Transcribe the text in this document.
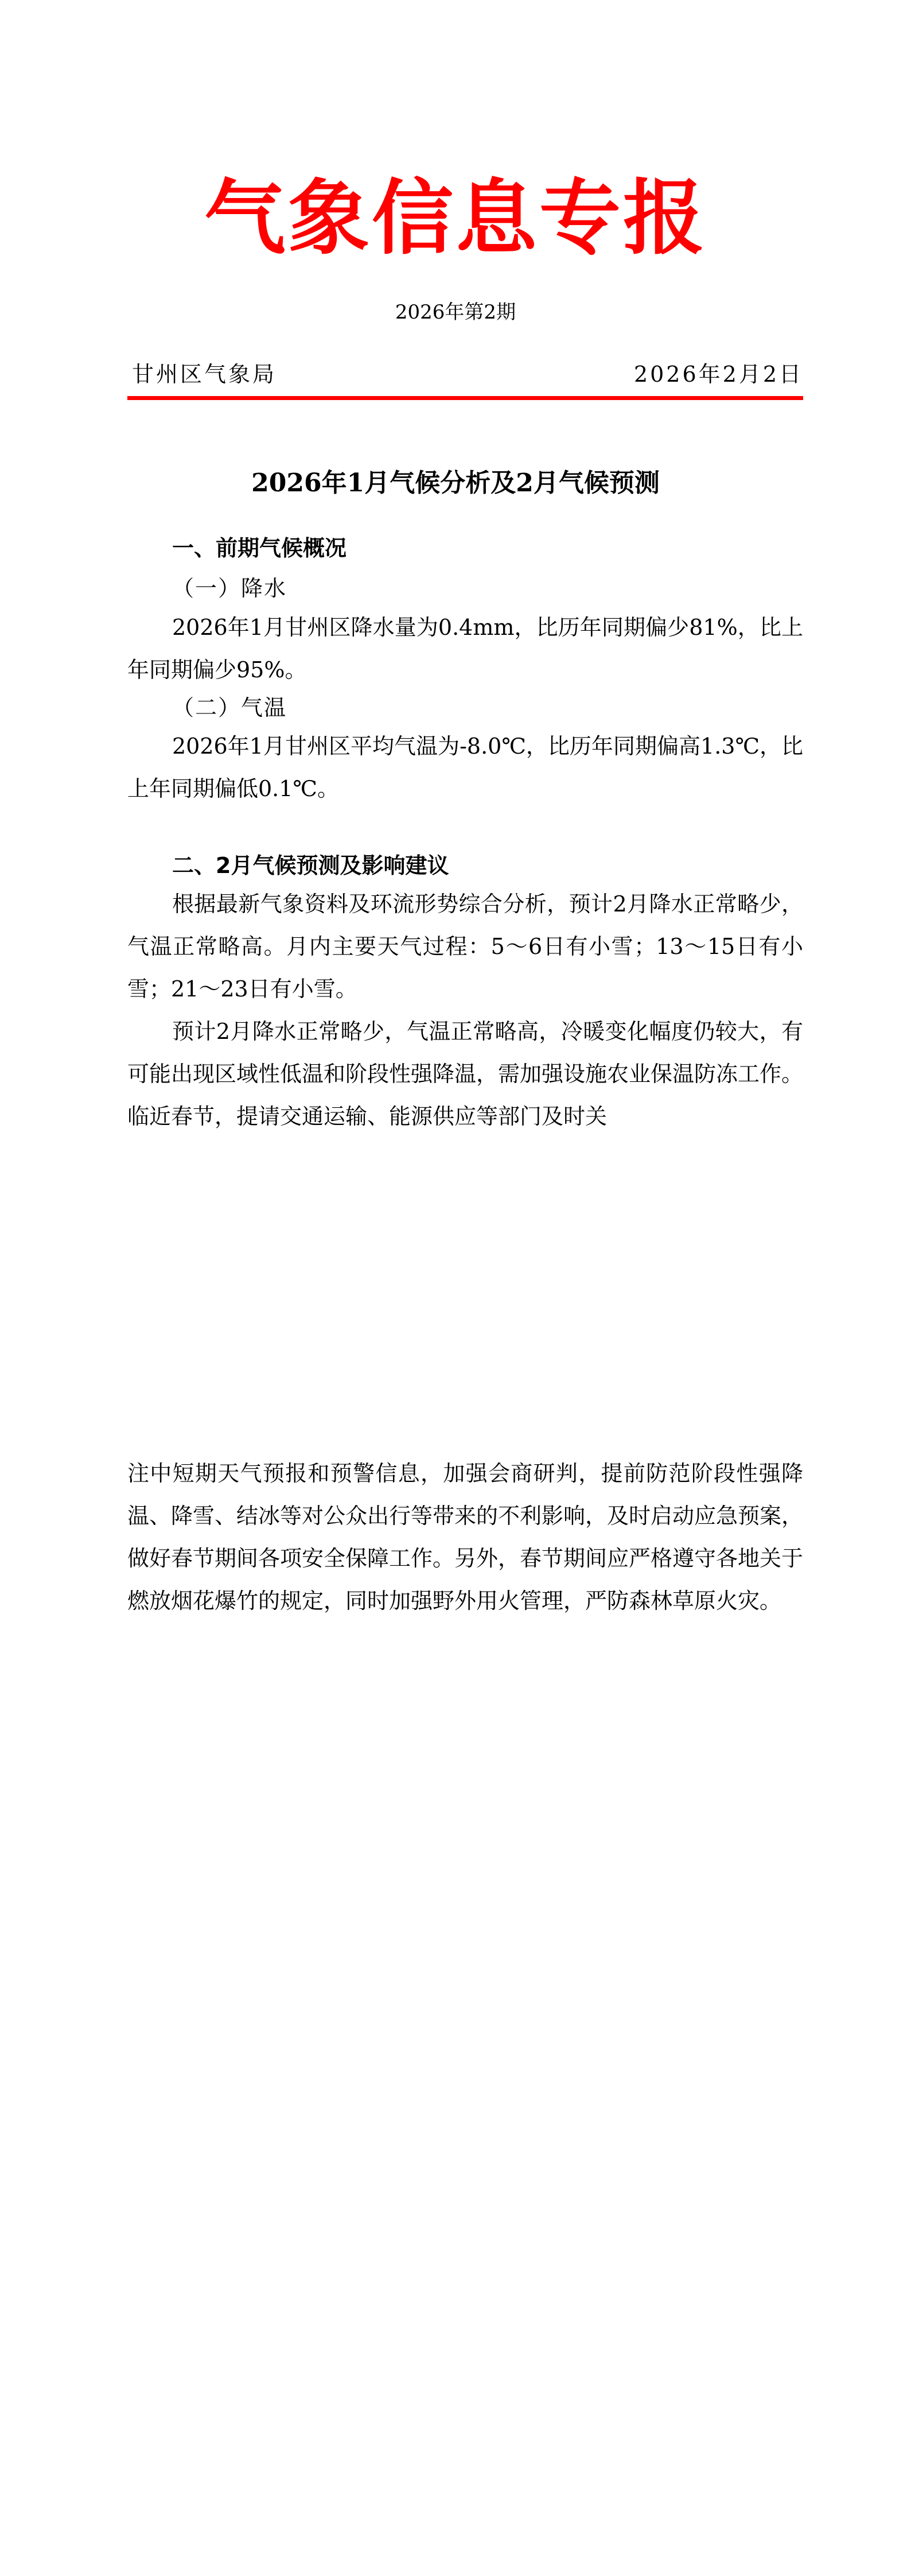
气象信息专报
2026年第2期
甘州区气象局	2026年2月2日
2026年1月气候分析及2月气候预测
一、前期气候概况
（一）降水

2026年1月甘州区降水量为0.4mm，比历年同期偏少81%，比上年同期偏少95%。

（二）气温

2026年1月甘州区平均气温为-8.0℃，比历年同期偏高1.3℃，比上年同期偏低0.1℃。

二、2月气候预测及影响建议

根据最新气象资料及环流形势综合分析，预计2月降水正常略少，气温正常略高。月内主要天气过程：5～6日有小雪；13～15日有小雪；21～23日有小雪。

预计2月降水正常略少，气温正常略高，冷暖变化幅度仍较大，有可能出现区域性低温和阶段性强降温，需加强设施农业保温防冻工作。临近春节，提请交通运输、能源供应等部门及时关

注中短期天气预报和预警信息，加强会商研判，提前防范阶段性强降温、降雪、结冰等对公众出行等带来的不利影响，及时启动应急预案，做好春节期间各项安全保障工作。另外，春节期间应严格遵守各地关于燃放烟花爆竹的规定，同时加强野外用火管理，严防森林草原火灾。
